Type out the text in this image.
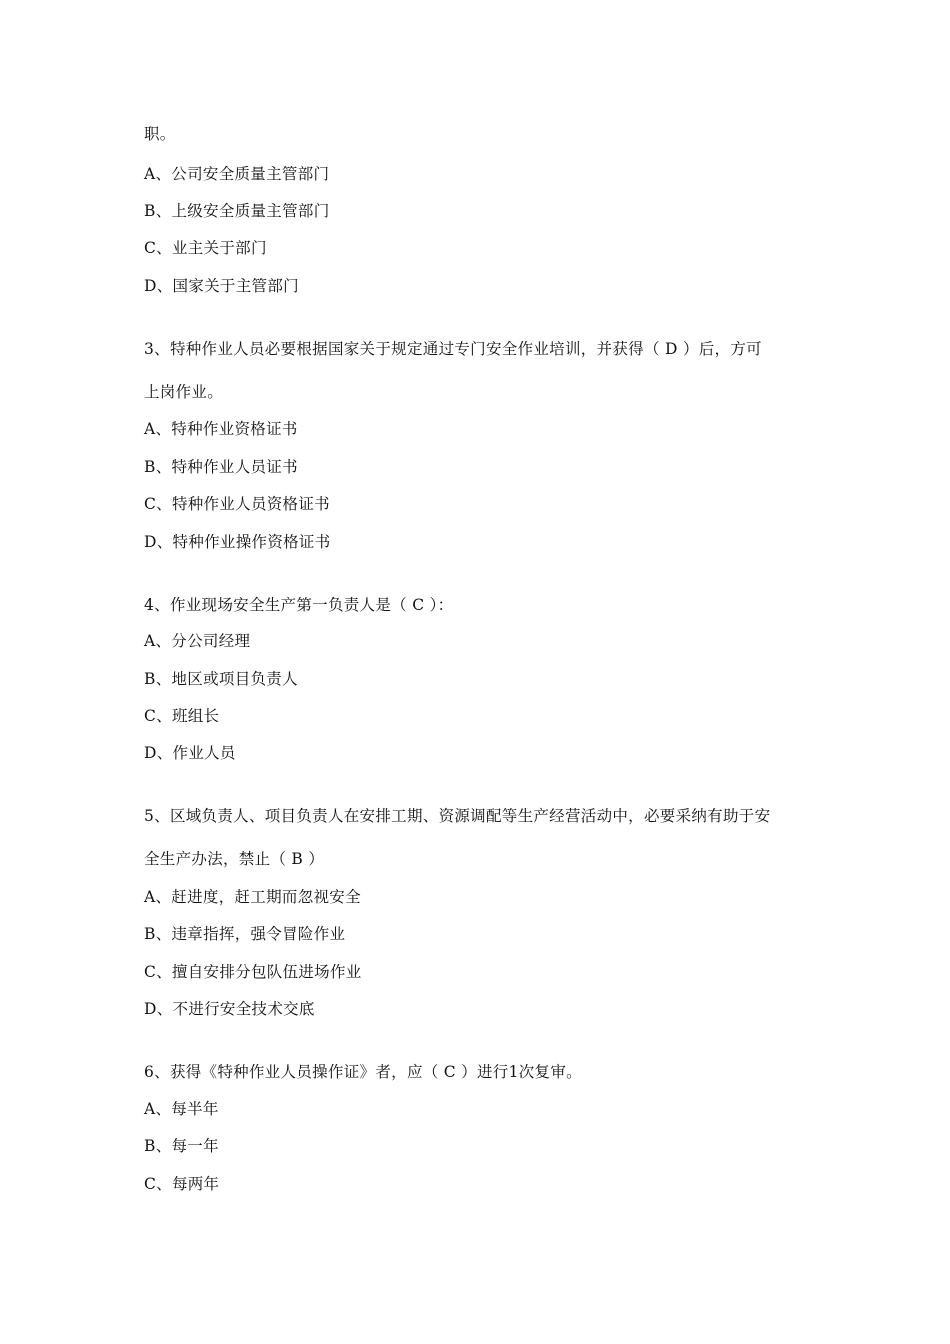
职。

A、公司安全质量主管部门

B、上级安全质量主管部门

C、业主关于部门

D、国家关于主管部门

3、特种作业人员必要根据国家关于规定通过专门安全作业培训，并获得（ D ）后，方可

上岗作业。

A、特种作业资格证书

B、特种作业人员证书

C、特种作业人员资格证书

D、特种作业操作资格证书

4、作业现场安全生产第一负责人是（ C ）：

A、分公司经理

B、地区或项目负责人

C、班组长

D、作业人员

5、区域负责人、项目负责人在安排工期、资源调配等生产经营活动中，必要采纳有助于安

全生产办法，禁止（ B ）

A、赶进度，赶工期而忽视安全

B、违章指挥，强令冒险作业

C、擅自安排分包队伍进场作业

D、不进行安全技术交底

6、获得《特种作业人员操作证》者，应（ C ）进行1次复审。

A、每半年

B、每一年

C、每两年
